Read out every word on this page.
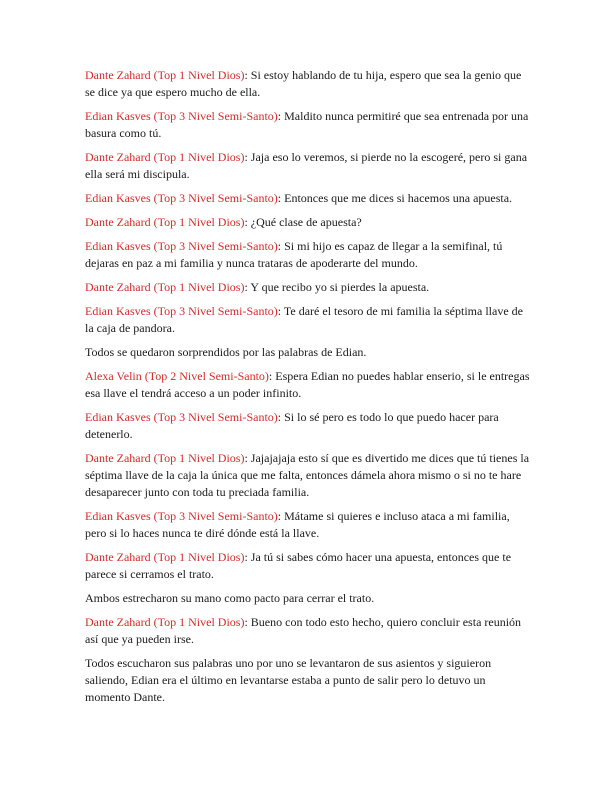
Dante Zahard (Top 1 Nivel Dios): Si estoy hablando de tu hija, espero que sea la genio que se dice ya que espero mucho de ella.

Edian Kasves (Top 3 Nivel Semi-Santo): Maldito nunca permitiré que sea entrenada por una basura como tú.

Dante Zahard (Top 1 Nivel Dios): Jaja eso lo veremos, si pierde no la escogeré, pero si gana ella será mi discipula.

Edian Kasves (Top 3 Nivel Semi-Santo): Entonces que me dices si hacemos una apuesta.

Dante Zahard (Top 1 Nivel Dios): ¿Qué clase de apuesta?

Edian Kasves (Top 3 Nivel Semi-Santo): Si mi hijo es capaz de llegar a la semifinal, tú dejaras en paz a mi familia y nunca trataras de apoderarte del mundo.

Dante Zahard (Top 1 Nivel Dios): Y que recibo yo si pierdes la apuesta.

Edian Kasves (Top 3 Nivel Semi-Santo): Te daré el tesoro de mi familia la séptima llave de la caja de pandora.

Todos se quedaron sorprendidos por las palabras de Edian.

Alexa Velin (Top 2 Nivel Semi-Santo): Espera Edian no puedes hablar enserio, si le entregas esa llave el tendrá acceso a un poder infinito.

Edian Kasves (Top 3 Nivel Semi-Santo): Si lo sé pero es todo lo que puedo hacer para detenerlo.

Dante Zahard (Top 1 Nivel Dios): Jajajajaja esto sí que es divertido me dices que tú tienes la séptima llave de la caja la única que me falta, entonces dámela ahora mismo o si no te hare desaparecer junto con toda tu preciada familia.

Edian Kasves (Top 3 Nivel Semi-Santo): Mátame si quieres e incluso ataca a mi familia, pero si lo haces nunca te diré dónde está la llave.

Dante Zahard (Top 1 Nivel Dios): Ja tú si sabes cómo hacer una apuesta, entonces que te parece si cerramos el trato.

Ambos estrecharon su mano como pacto para cerrar el trato.

Dante Zahard (Top 1 Nivel Dios): Bueno con todo esto hecho, quiero concluir esta reunión así que ya pueden irse.

Todos escucharon sus palabras uno por uno se levantaron de sus asientos y siguieron saliendo, Edian era el último en levantarse estaba a punto de salir pero lo detuvo un momento Dante.
